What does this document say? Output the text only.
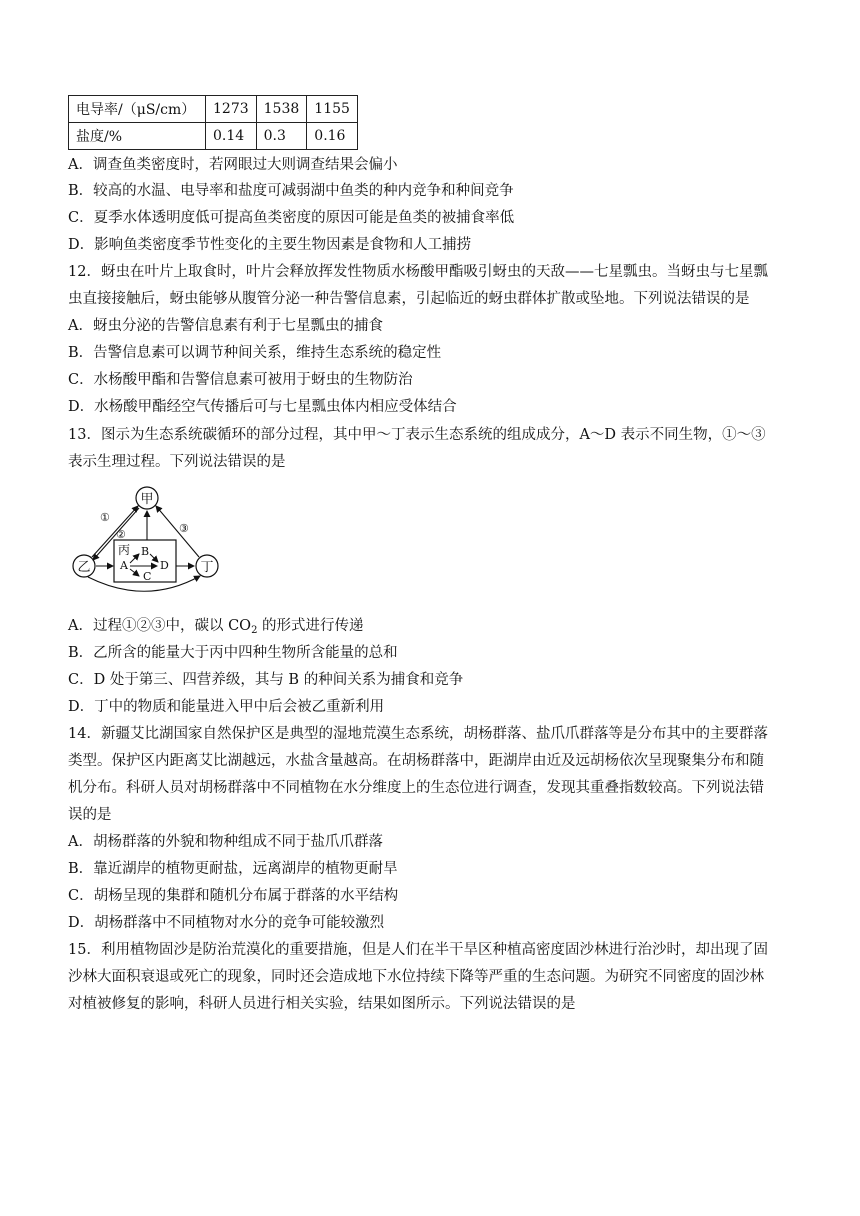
电导率/（μS/cm）	1273	1538	1155
盐度/%	0.14	0.3	0.16
A．调查鱼类密度时，若网眼过大则调查结果会偏小
B．较高的水温、电导率和盐度可减弱湖中鱼类的种内竞争和种间竞争
C．夏季水体透明度低可提高鱼类密度的原因可能是鱼类的被捕食率低
D．影响鱼类密度季节性变化的主要生物因素是食物和人工捕捞
12．蚜虫在叶片上取食时，叶片会释放挥发性物质水杨酸甲酯吸引蚜虫的天敌——七星瓢虫。当蚜虫与七星瓢
虫直接接触后，蚜虫能够从腹管分泌一种告警信息素，引起临近的蚜虫群体扩散或坠地。下列说法错误的是
A．蚜虫分泌的告警信息素有利于七星瓢虫的捕食
B．告警信息素可以调节种间关系，维持生态系统的稳定性
C．水杨酸甲酯和告警信息素可被用于蚜虫的生物防治
D．水杨酸甲酯经空气传播后可与七星瓢虫体内相应受体结合
13．图示为生态系统碳循环的部分过程，其中甲～丁表示生态系统的组成成分，A～D 表示不同生物，①～③
表示生理过程。下列说法错误的是
甲
乙	丁
丙 B
A	D
C
①
②	③
A．过程①②③中，碳以 $CO_2$ 的形式进行传递
B．乙所含的能量大于丙中四种生物所含能量的总和
C．D 处于第三、四营养级，其与 B 的种间关系为捕食和竞争
D．丁中的物质和能量进入甲中后会被乙重新利用
14．新疆艾比湖国家自然保护区是典型的湿地荒漠生态系统，胡杨群落、盐爪爪群落等是分布其中的主要群落
类型。保护区内距离艾比湖越远，水盐含量越高。在胡杨群落中，距湖岸由近及远胡杨依次呈现聚集分布和随
机分布。科研人员对胡杨群落中不同植物在水分维度上的生态位进行调查，发现其重叠指数较高。下列说法错
误的是
A．胡杨群落的外貌和物种组成不同于盐爪爪群落
B．靠近湖岸的植物更耐盐，远离湖岸的植物更耐旱
C．胡杨呈现的集群和随机分布属于群落的水平结构
D．胡杨群落中不同植物对水分的竞争可能较激烈
15．利用植物固沙是防治荒漠化的重要措施，但是人们在半干旱区种植高密度固沙林进行治沙时，却出现了固
沙林大面积衰退或死亡的现象，同时还会造成地下水位持续下降等严重的生态问题。为研究不同密度的固沙林
对植被修复的影响，科研人员进行相关实验，结果如图所示。下列说法错误的是
